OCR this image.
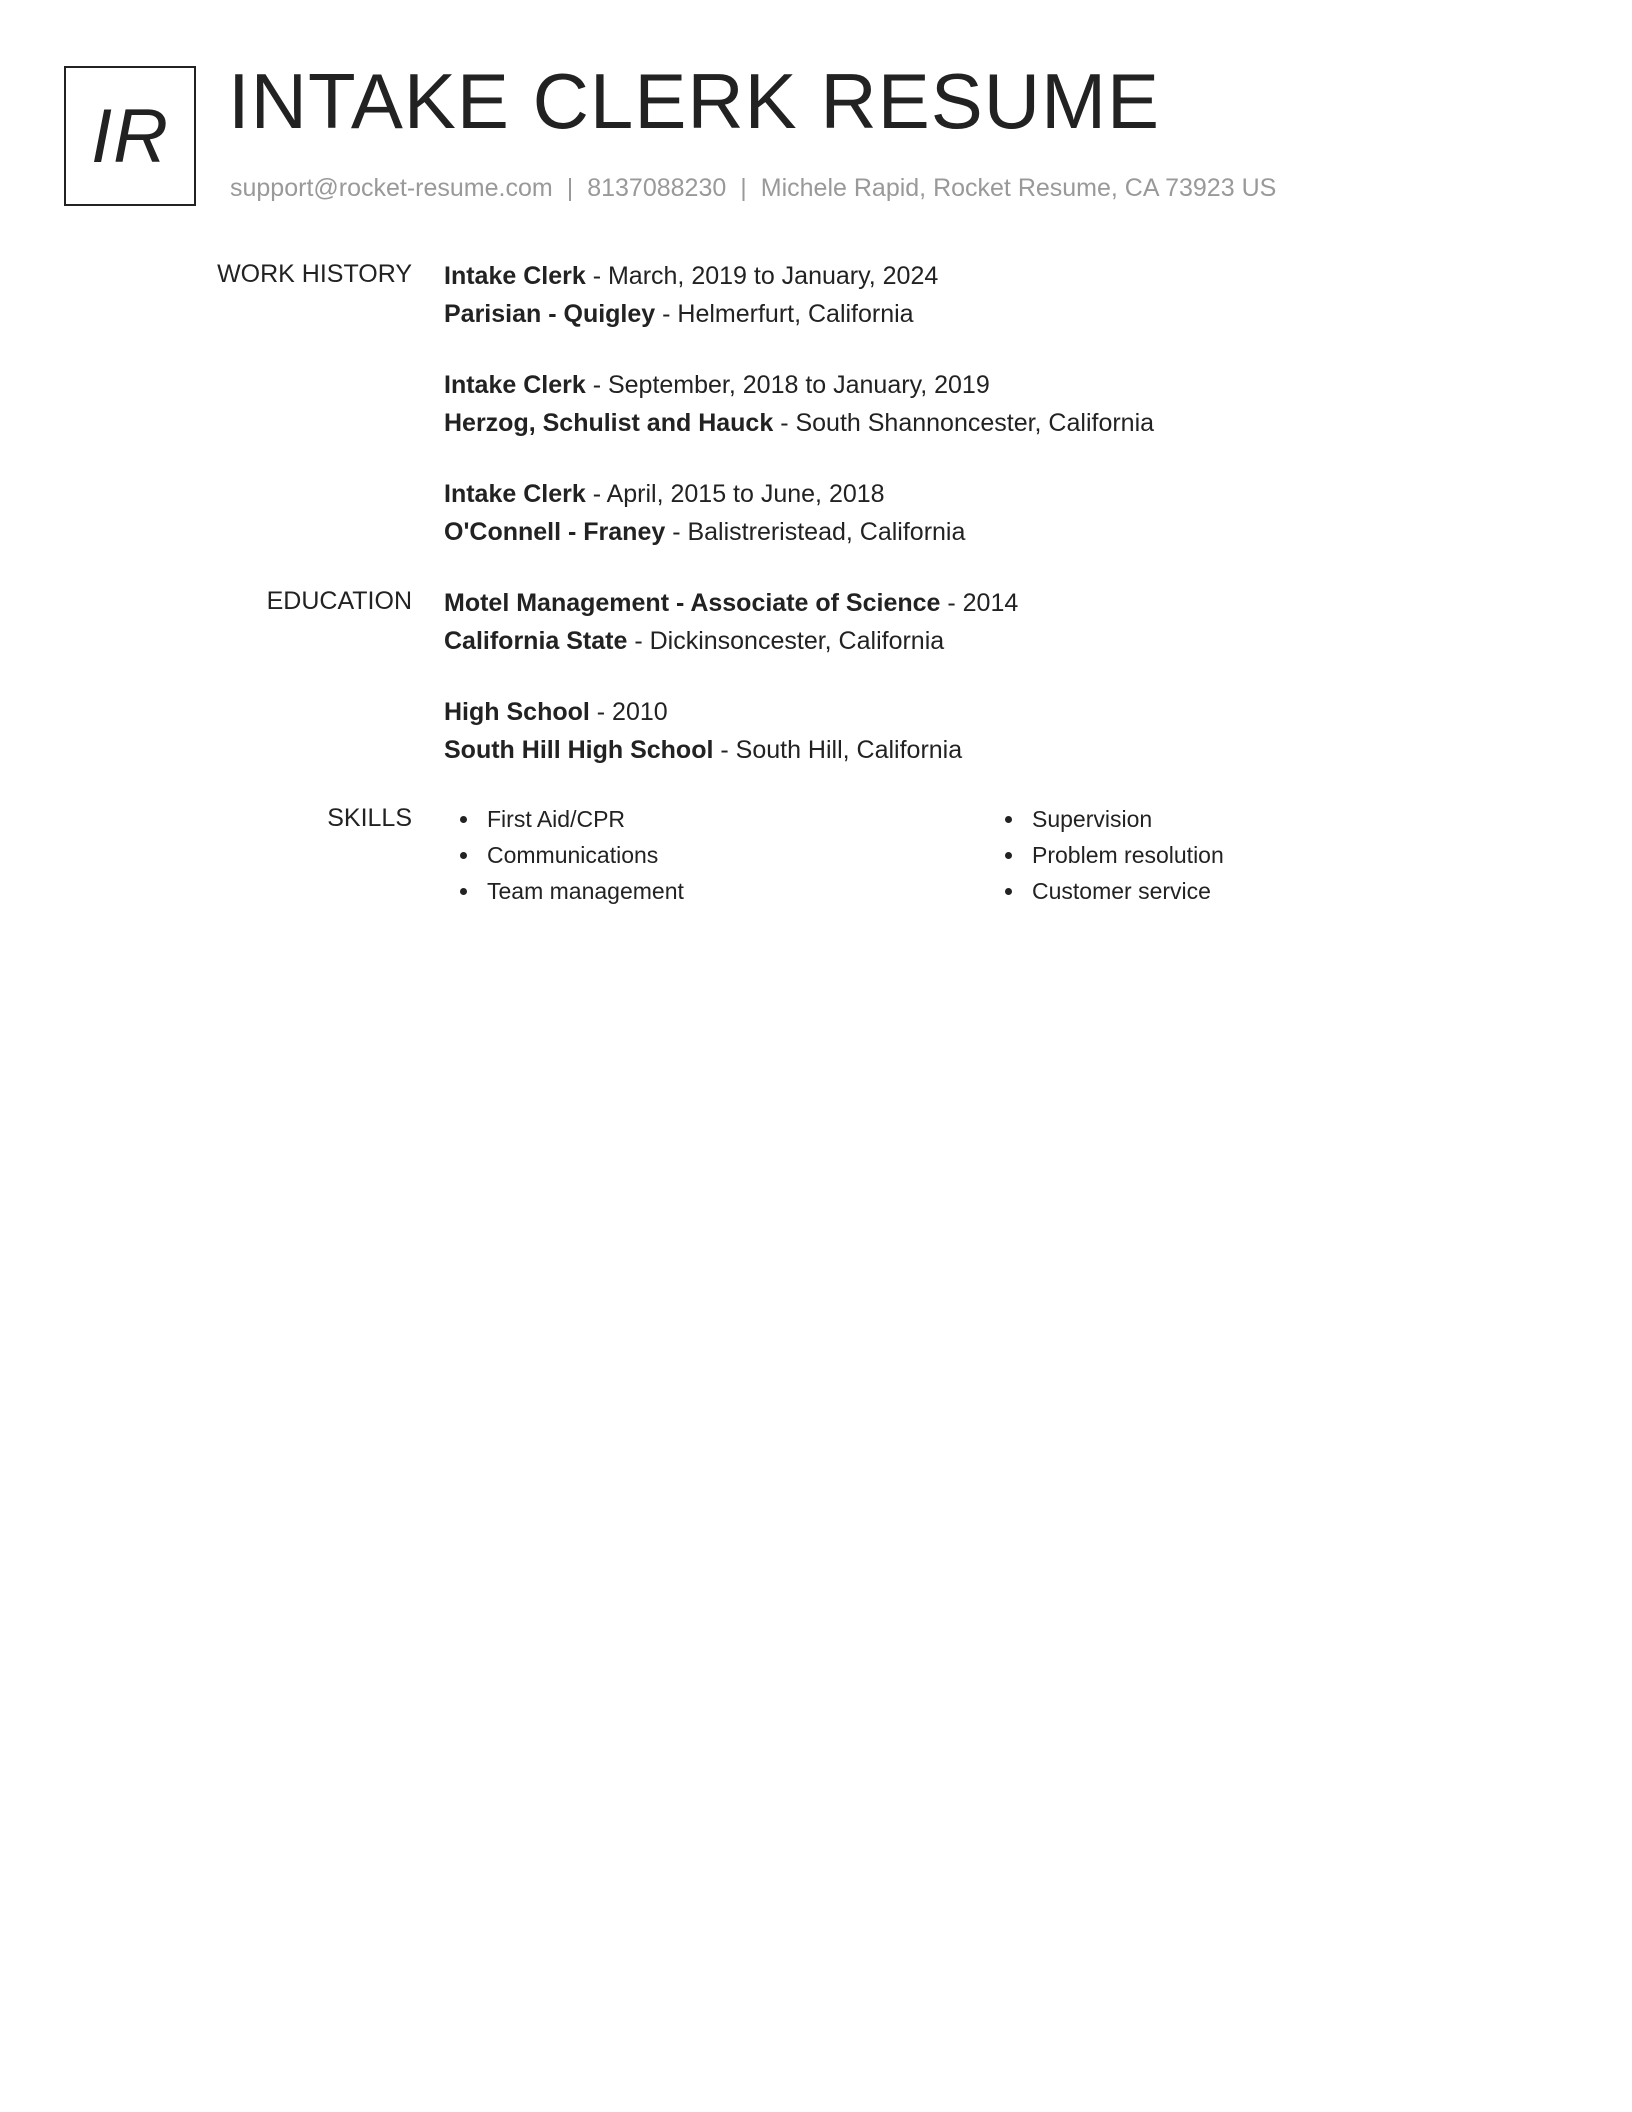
IR INTAKE CLERK RESUME
support@rocket-resume.com | 8137088230 | Michele Rapid, Rocket Resume, CA 73923 US
WORK HISTORY Intake Clerk - March, 2019 to January, 2024
Parisian - Quigley - Helmerfurt, California
Intake Clerk - September, 2018 to January, 2019
Herzog, Schulist and Hauck - South Shannoncester, California
Intake Clerk - April, 2015 to June, 2018
O'Connell - Franey - Balistreristead, California
EDUCATION Motel Management - Associate of Science - 2014
California State - Dickinsoncester, California
High School - 2010
South Hill High School - South Hill, California
SKILLS	First Aid/CPR
Communications
Team management
Supervision
Problem resolution
Customer service
